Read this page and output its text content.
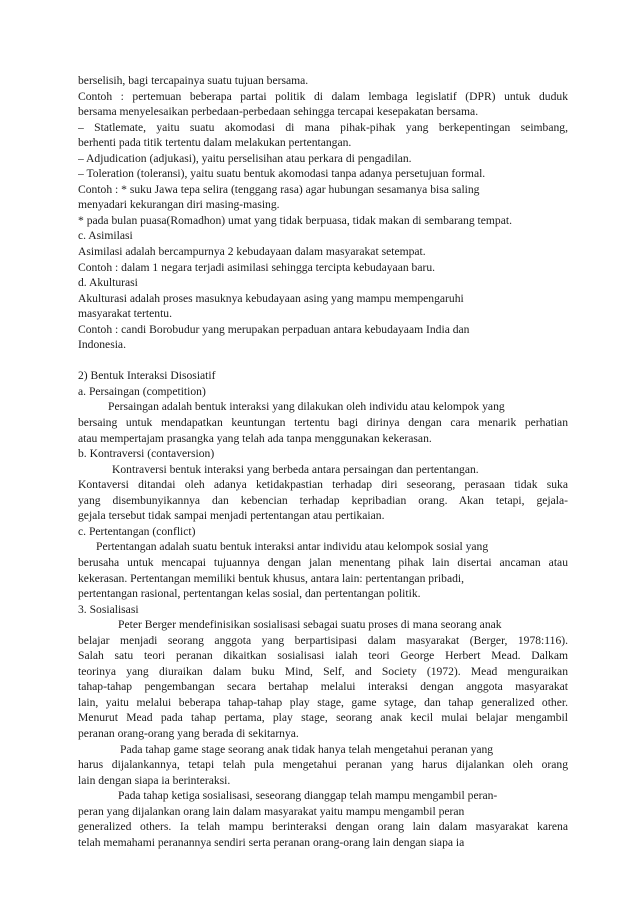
berselisih, bagi tercapainya suatu tujuan bersama.
Contoh : pertemuan beberapa partai politik di dalam lembaga legislatif (DPR) untuk duduk
bersama menyelesaikan perbedaan-perbedaan sehingga tercapai kesepakatan bersama.
– Statlemate, yaitu suatu akomodasi di mana pihak-pihak yang berkepentingan seimbang,
berhenti pada titik tertentu dalam melakukan pertentangan.
– Adjudication (adjukasi), yaitu perselisihan atau perkara di pengadilan.
– Toleration (toleransi), yaitu suatu bentuk akomodasi tanpa adanya persetujuan formal.
Contoh : * suku Jawa tepa selira (tenggang rasa) agar hubungan sesamanya bisa saling
menyadari kekurangan diri masing-masing.
* pada bulan puasa(Romadhon) umat yang tidak berpuasa, tidak makan di sembarang tempat.
c. Asimilasi
Asimilasi adalah bercampurnya 2 kebudayaan dalam masyarakat setempat.
Contoh : dalam 1 negara terjadi asimilasi sehingga tercipta kebudayaan baru.
d. Akulturasi
Akulturasi adalah proses masuknya kebudayaan asing yang mampu mempengaruhi
masyarakat tertentu.
Contoh : candi Borobudur yang merupakan perpaduan antara kebudayaam India dan
Indonesia.
2) Bentuk Interaksi Disosiatif
a. Persaingan (competition)
Persaingan adalah bentuk interaksi yang dilakukan oleh individu atau kelompok yang
bersaing untuk mendapatkan keuntungan tertentu bagi dirinya dengan cara menarik perhatian
atau mempertajam prasangka yang telah ada tanpa menggunakan kekerasan.
b. Kontraversi (contaversion)
Kontraversi bentuk interaksi yang berbeda antara persaingan dan pertentangan.
Kontaversi ditandai oleh adanya ketidakpastian terhadap diri seseorang, perasaan tidak suka
yang disembunyikannya dan kebencian terhadap kepribadian orang. Akan tetapi, gejala-
gejala tersebut tidak sampai menjadi pertentangan atau pertikaian.
c. Pertentangan (conflict)
Pertentangan adalah suatu bentuk interaksi antar individu atau kelompok sosial yang
berusaha untuk mencapai tujuannya dengan jalan menentang pihak lain disertai ancaman atau
kekerasan. Pertentangan memiliki bentuk khusus, antara lain: pertentangan pribadi,
pertentangan rasional, pertentangan kelas sosial, dan pertentangan politik.
3. Sosialisasi
Peter Berger mendefinisikan sosialisasi sebagai suatu proses di mana seorang anak
belajar menjadi seorang anggota yang berpartisipasi dalam masyarakat (Berger, 1978:116).
Salah satu teori peranan dikaitkan sosialisasi ialah teori George Herbert Mead. Dalkam
teorinya yang diuraikan dalam buku Mind, Self, and Society (1972). Mead menguraikan
tahap-tahap pengembangan secara bertahap melalui interaksi dengan anggota masyarakat
lain, yaitu melalui beberapa tahap-tahap play stage, game sytage, dan tahap generalized other.
Menurut Mead pada tahap pertama, play stage, seorang anak kecil mulai belajar mengambil
peranan orang-orang yang berada di sekitarnya.
Pada tahap game stage seorang anak tidak hanya telah mengetahui peranan yang
harus dijalankannya, tetapi telah pula mengetahui peranan yang harus dijalankan oleh orang
lain dengan siapa ia berinteraksi.
Pada tahap ketiga sosialisasi, seseorang dianggap telah mampu mengambil peran-
peran yang dijalankan orang lain dalam masyarakat yaitu mampu mengambil peran
generalized others. Ia telah mampu berinteraksi dengan orang lain dalam masyarakat karena
telah memahami peranannya sendiri serta peranan orang-orang lain dengan siapa ia
